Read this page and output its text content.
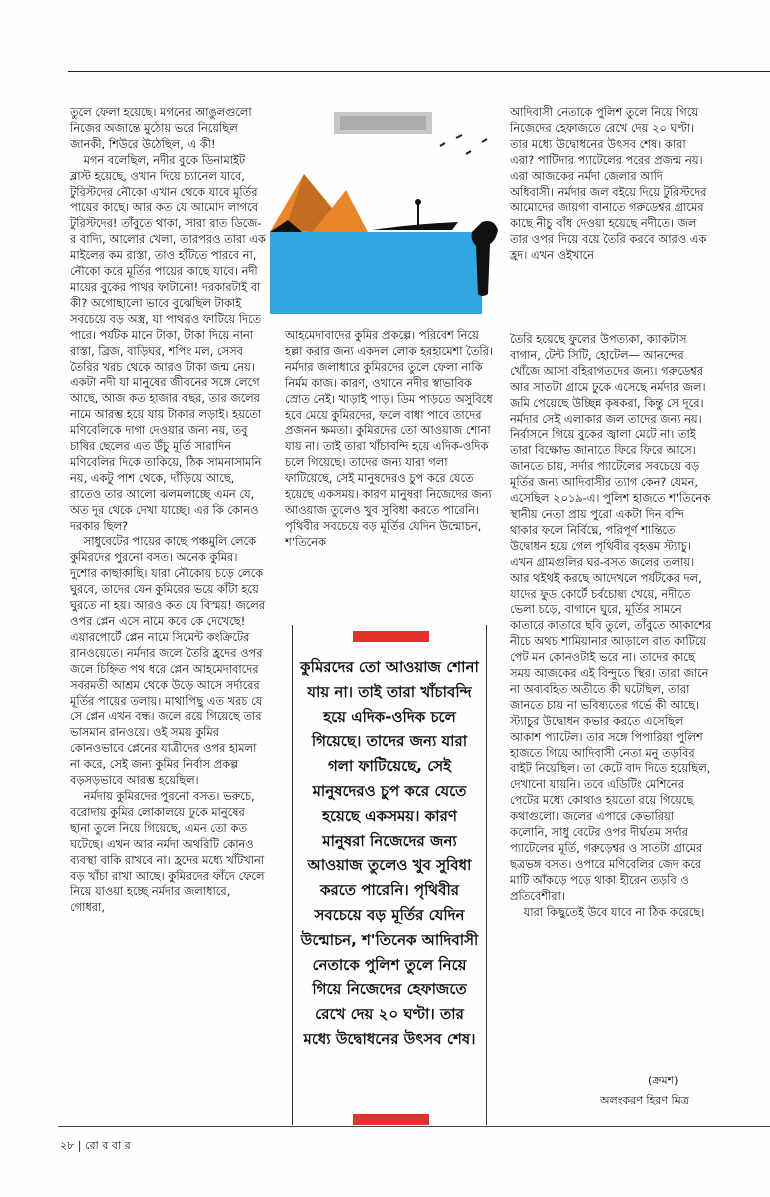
তুলে ফেলা হয়েছে। মগনের আঙুলগুলো নিজের অজান্তে মুঠোয় ভরে নিয়েছিল জানকী, শিউরে উঠেছিল, এ কী!

মগন বলেছিল, নদীর বুকে ডিনামাইট ব্লাস্ট হয়েছে, ওখান দিয়ে চ্যানেল যাবে, টুরিস্টদের নৌকো এখান থেকে যাবে মূর্তির পায়ের কাছে। আর কত যে আমোদ লাগবে টুরিস্টদের! তাঁবুতে থাকা, সারা রাত ডিজে-র বাদ্যি, আলোর খেলা, তারপরও তারা এক মাইলের কম রাস্তা, তাও হাঁটতে পারবে না, নৌকো করে মূর্তির পায়ের কাছে যাবে। নদী মায়ের বুকের পাথর ফাটানো! দরকারটাই বা কী? অগোছালো ভাবে বুঝেছিল টাকাই সবচেয়ে বড় অস্ত্র, যা পাথরও ফাটিয়ে দিতে পারে। পর্যটক মানে টাকা, টাকা দিয়ে নানা রাস্তা, ব্রিজ, বাড়িঘর, শপিং মল, সেসব তৈরির খরচ থেকে আরও টাকা জন্ম নেয়। একটা নদী যা মানুষের জীবনের সঙ্গে লেগে আছে, আজ কত হাজার বছর, তার জলের নামে আরম্ভ হয়ে যায় টাকার লড়াই। হয়তো মণিবেলিকে দাগা দেওয়ার জন্য নয়, তবু চাষির ছেলের এত উঁচু মূর্তি সারাদিন মণিবেলির দিকে তাকিয়ে, ঠিক সামনাসামনি নয়, একটু পাশ থেকে, দাঁড়িয়ে আছে, রাতেও তার আলো ঝলমলাচ্ছে এমন যে, অত দূর থেকে দেখা যাচ্ছে। এর কি কোনও দরকার ছিল?

সাধুবেটের পায়ের কাছে পঞ্চমুলি লেকে কুমিরদের পুরনো বসত। অনেক কুমির। দুশোর কাছাকাছি। যারা নৌকোয় চড়ে লেকে ঘুরবে, তাদের যেন কুমিরের ভয়ে কাঁটা হয়ে ঘুরতে না হয়। আরও কত যে বিস্ময়! জলের ওপর প্লেন এসে নামে কবে কে দেখেছে! এয়ারপোর্টে প্লেন নামে সিমেন্ট কংক্রিটের রানওয়েতে। নর্মদার জলে তৈরি হ্রদের ওপর জলে চিহ্নিত পথ ধরে প্লেন আহমেদাবাদের সবরমতী আশ্রম থেকে উড়ে আসে সর্দারের মূর্তির পায়ের তলায়। মাথাপিছু এত খরচ যে সে প্লেন এখন বন্ধ। জলে রয়ে গিয়েছে তার ভাসমান রানওয়ে। ওই সময় কুমির কোনওভাবে প্লেনের যাত্রীদের ওপর হামলা না করে, সেই জন্য কুমির নির্বাস প্রকল্প বড়সড়ভাবে আরম্ভ হয়েছিল।

নর্মদায় কুমিরদের পুরনো বসত। ভরুচে, বরোদায় কুমির লোকালয়ে ঢুকে মানুষের ছানা তুলে নিয়ে গিয়েছে, এমন তো কত ঘটেছে। এখন আর নর্মদা অথরিটি কোনও ব্যবস্থা বাকি রাখবে না। হ্রদের মধ্যে খাঁটখানা বড় খাঁচা রাখা আছে। কুমিরদের ফাঁদে ফেলে নিয়ে যাওয়া হচ্ছে নর্মদার জলাধারে, গোধরা,

আহমেদাবাদের কুমির প্রকল্পে। পরিবেশ নিয়ে হল্লা করার জন্য একদল লোক হরহামেশা তৈরি। নর্মদার জলাধারে কুমিরদের তুলে ফেলা নাকি নির্মম কাজ। কারণ, ওখানে নদীর স্বাভাবিক স্রোত নেই। খাড়াই পাড়। ডিম পাড়তে অসুবিধে হবে মেয়ে কুমিরদের, ফলে বাধা পাবে তাদের প্রজনন ক্ষমতা। কুমিরদের তো আওয়াজ শোনা যায় না। তাই তারা খাঁচাবন্দি হয়ে এদিক-ওদিক চলে গিয়েছে। তাদের জন্য যারা গলা ফাটিয়েছে, সেই মানুষদেরও চুপ করে যেতে হয়েছে একসময়। কারণ মানুষরা নিজেদের জন্য আওয়াজ তুলেও খুব সুবিধা করতে পারেনি। পৃথিবীর সবচেয়ে বড় মূর্তির যেদিন উন্মোচন, শ'তিনেক

কুমিরদের তো আওয়াজ শোনা যায় না। তাই তারা খাঁচাবন্দি হয়ে এদিক-ওদিক চলে গিয়েছে। তাদের জন্য যারা গলা ফাটিয়েছে, সেই মানুষদেরও চুপ করে যেতে হয়েছে একসময়। কারণ মানুষরা নিজেদের জন্য আওয়াজ তুলেও খুব সুবিধা করতে পারেনি। পৃথিবীর সবচেয়ে বড় মূর্তির যেদিন উন্মোচন, শ'তিনেক আদিবাসী নেতাকে পুলিশ তুলে নিয়ে গিয়ে নিজেদের হেফাজতে রেখে দেয় ২০ ঘণ্টা। তার মধ্যে উদ্বোধনের উৎসব শেষ।

আদিবাসী নেতাকে পুলিশ তুলে নিয়ে গিয়ে নিজেদের হেফাজতে রেখে দেয় ২০ ঘণ্টা। তার মধ্যে উদ্বোধনের উৎসব শেষ। কারা এরা? পাটিদার প্যাটেলের পরের প্রজন্ম নয়। এরা আজকের নর্মদা জেলার আদি অধিবাসী। নর্মদার জল বইয়ে দিয়ে টুরিস্টদের আমোদের জায়গা বানাতে গরুডেশ্বর গ্রামের কাছে নীচু বাঁধ দেওয়া হয়েছে নদীতে। জল তার ওপর দিয়ে বয়ে তৈরি করবে আরও এক হ্রদ। এখন ওইখানে

তৈরি হয়েছে ফুলের উপত্যকা, ক্যাকটাস বাগান, টেন্ট সিটি, হোটেল— আনন্দের খোঁজে আসা বহিরাগতদের জন্য। গরুডেশ্বর আর সাতটা গ্রামে ঢুকে এসেছে নর্মদার জল। জমি পেয়েছে উচ্ছিন্ন কৃষকরা, কিন্তু সে দূরে। নর্মদার সেই এলাকার জল তাদের জন্য নয়। নির্বাসনে গিয়ে বুকের জ্বালা মেটে না। তাই তারা বিক্ষোভ জানাতে ফিরে ফিরে আসে। জানতে চায়, সর্দার প্যাটেলের সবচেয়ে বড় মূর্তির জন্য আদিবাসীর ত্যাগ কেন? যেমন, এসেছিল ২০১৯-এ। পুলিশ হাজতে শ'তিনেক স্থানীয় নেতা প্রায় পুরো একটা দিন বন্দি থাকার ফলে নির্বিঘ্নে, পরিপূর্ণ শান্তিতে উদ্বোধন হয়ে গেল পৃথিবীর বৃহত্তম স্ট্যাচু। এখন গ্রামগুলির ঘর-বসত জলের তলায়। আর থইথই করছে আদেখলে পর্যটকের দল, যাদের ফুড কোর্টে চর্বচোষ্য খেয়ে, নদীতে ভেলা চড়ে, বাগানে ঘুরে, মূর্তির সামনে কাতারে কাতারে ছবি তুলে, তাঁবুতে আকাশের নীচে অথচ শামিয়ানার আড়ালে রাত কাটিয়ে পেট মন কোনওটাই ভরে না। তাদের কাছে সময় আজকের এই বিন্দুতে স্থির। তারা জানে না অব্যবহিত অতীতে কী ঘটেছিল, তারা জানতে চায় না ভবিষ্যতের গর্ভে কী আছে। স্ট্যাচুর উদ্বোধন কভার করতে এসেছিল আকাশ প্যাটেল। তার সঙ্গে পিপারিয়া পুলিশ হাজতে গিয়ে আদিবাসী নেতা মনু তড়বির বাইট নিয়েছিল। তা কেটে বাদ দিতে হয়েছিল, দেখানো যায়নি। তবে এডিটিং মেশিনের পেটের মধ্যে কোথাও হয়তো রয়ে গিয়েছে কথাগুলো। জলের এপারে কেভারিয়া কলোনি, সাধু বেটের ওপর দীর্ঘতম সর্দার প্যাটেলের মূর্তি, গরুড়েশ্বর ও সাতটা গ্রামের ছত্রভঙ্গ বসত। ওপারে মণিবেলির জেদ করে মাটি আঁকড়ে পড়ে থাকা হীরেন তড়বি ও প্রতিবেশীরা।

যারা কিছুতেই উবে যাবে না ঠিক করেছে।

(ক্রমশ)
অলংকরণ হিরণ মিত্র
২৮ | রো ব বা র
